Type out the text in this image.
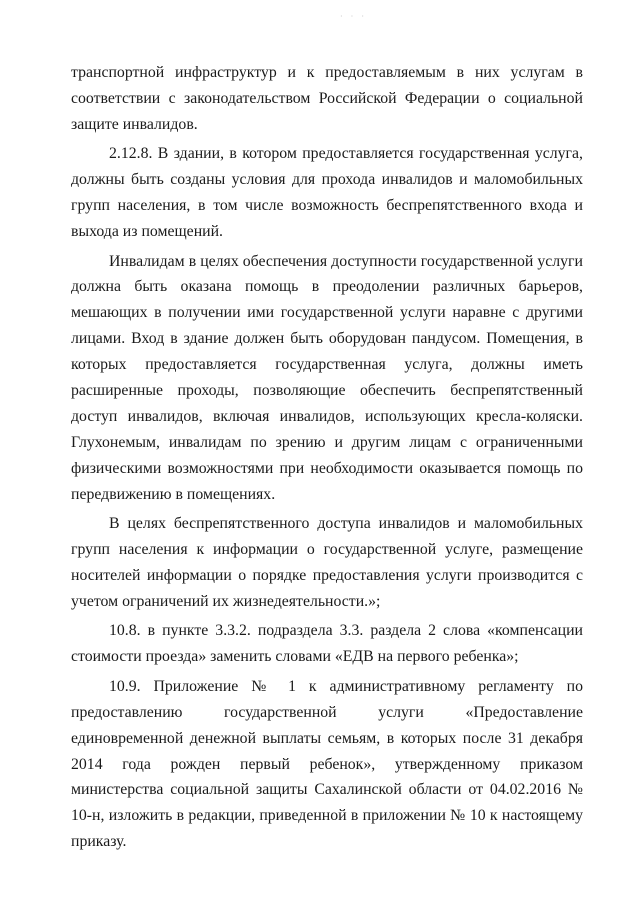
· · ·

транспортной инфраструктур и к предоставляемым в них услугам в соответствии с законодательством Российской Федерации о социальной защите инвалидов.

2.12.8. В здании, в котором предоставляется государственная услуга, должны быть созданы условия для прохода инвалидов и маломобильных групп населения, в том числе возможность беспрепятственного входа и выхода из помещений.

Инвалидам в целях обеспечения доступности государственной услуги должна быть оказана помощь в преодолении различных барьеров, мешающих в получении ими государственной услуги наравне с другими лицами. Вход в здание должен быть оборудован пандусом. Помещения, в которых предоставляется государственная услуга, должны иметь расширенные проходы, позволяющие обеспечить беспрепятственный доступ инвалидов, включая инвалидов, использующих кресла-коляски. Глухонемым, инвалидам по зрению и другим лицам с ограниченными физическими возможностями при необходимости оказывается помощь по передвижению в помещениях.

В целях беспрепятственного доступа инвалидов и маломобильных групп населения к информации о государственной услуге, размещение носителей информации о порядке предоставления услуги производится с учетом ограничений их жизнедеятельности.»;

10.8. в пункте 3.3.2. подраздела 3.3. раздела 2 слова «компенсации стоимости проезда» заменить словами «ЕДВ на первого ребенка»;

10.9. Приложение № 1 к административному регламенту по предоставлению государственной услуги «Предоставление единовременной денежной выплаты семьям, в которых после 31 декабря 2014 года рожден первый ребенок», утвержденному приказом министерства социальной защиты Сахалинской области от 04.02.2016 № 10-н, изложить в редакции, приведенной в приложении № 10 к настоящему приказу.
